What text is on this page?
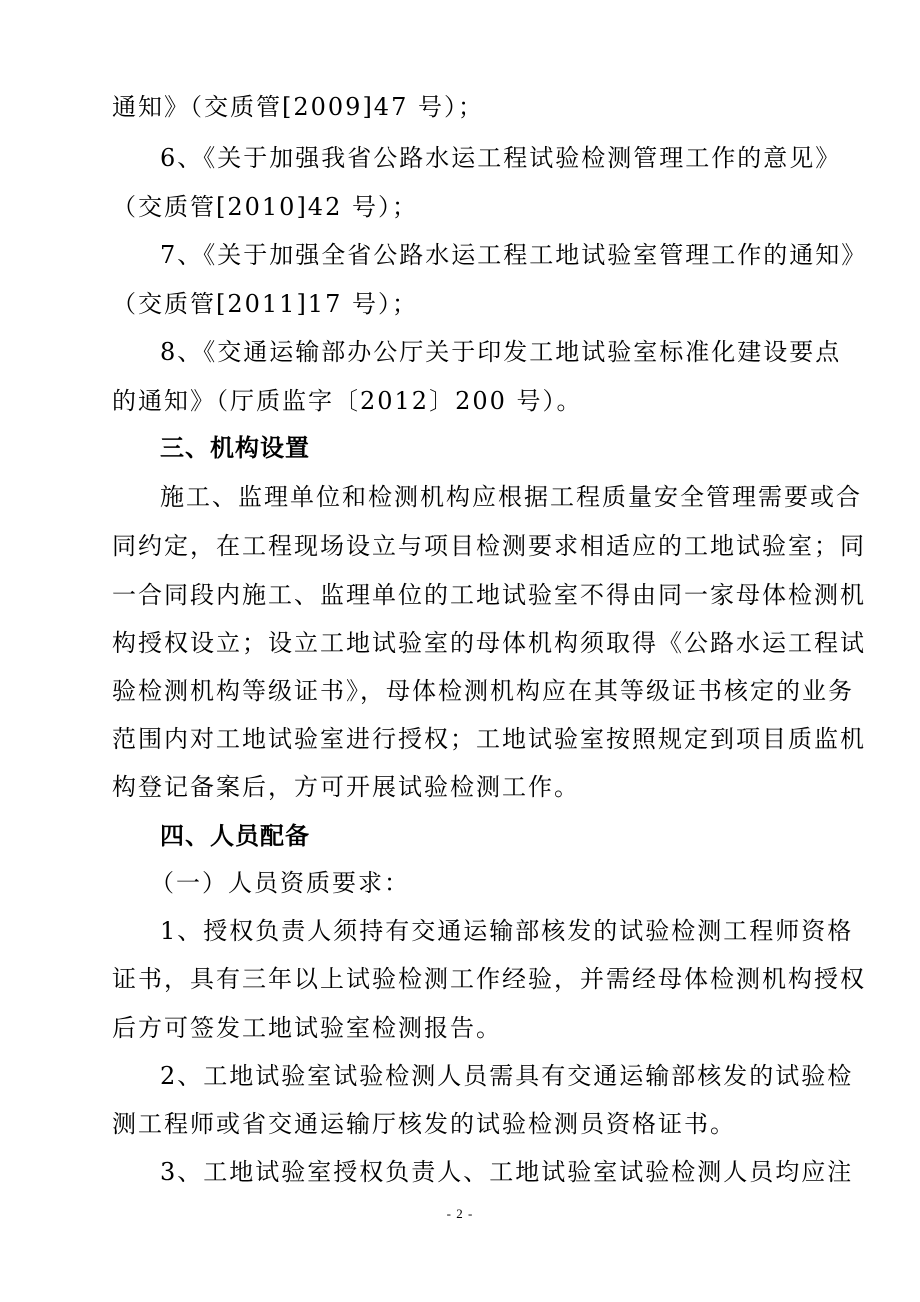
通知》（交质管[2009]47 号）；
6、《关于加强我省公路水运工程试验检测管理工作的意见》
（交质管[2010]42 号）；
7、《关于加强全省公路水运工程工地试验室管理工作的通知》
（交质管[2011]17 号）；
8、《交通运输部办公厅关于印发工地试验室标准化建设要点
的通知》（厅质监字〔2012〕200 号）。
三、机构设置
施工、监理单位和检测机构应根据工程质量安全管理需要或合
同约定，在工程现场设立与项目检测要求相适应的工地试验室；同
一合同段内施工、监理单位的工地试验室不得由同一家母体检测机
构授权设立；设立工地试验室的母体机构须取得《公路水运工程试
验检测机构等级证书》，母体检测机构应在其等级证书核定的业务
范围内对工地试验室进行授权；工地试验室按照规定到项目质监机
构登记备案后，方可开展试验检测工作。
四、人员配备
（一）人员资质要求：
1、授权负责人须持有交通运输部核发的试验检测工程师资格
证书，具有三年以上试验检测工作经验，并需经母体检测机构授权
后方可签发工地试验室检测报告。
2、工地试验室试验检测人员需具有交通运输部核发的试验检
测工程师或省交通运输厅核发的试验检测员资格证书。
3、工地试验室授权负责人、工地试验室试验检测人员均应注
- 2 -
